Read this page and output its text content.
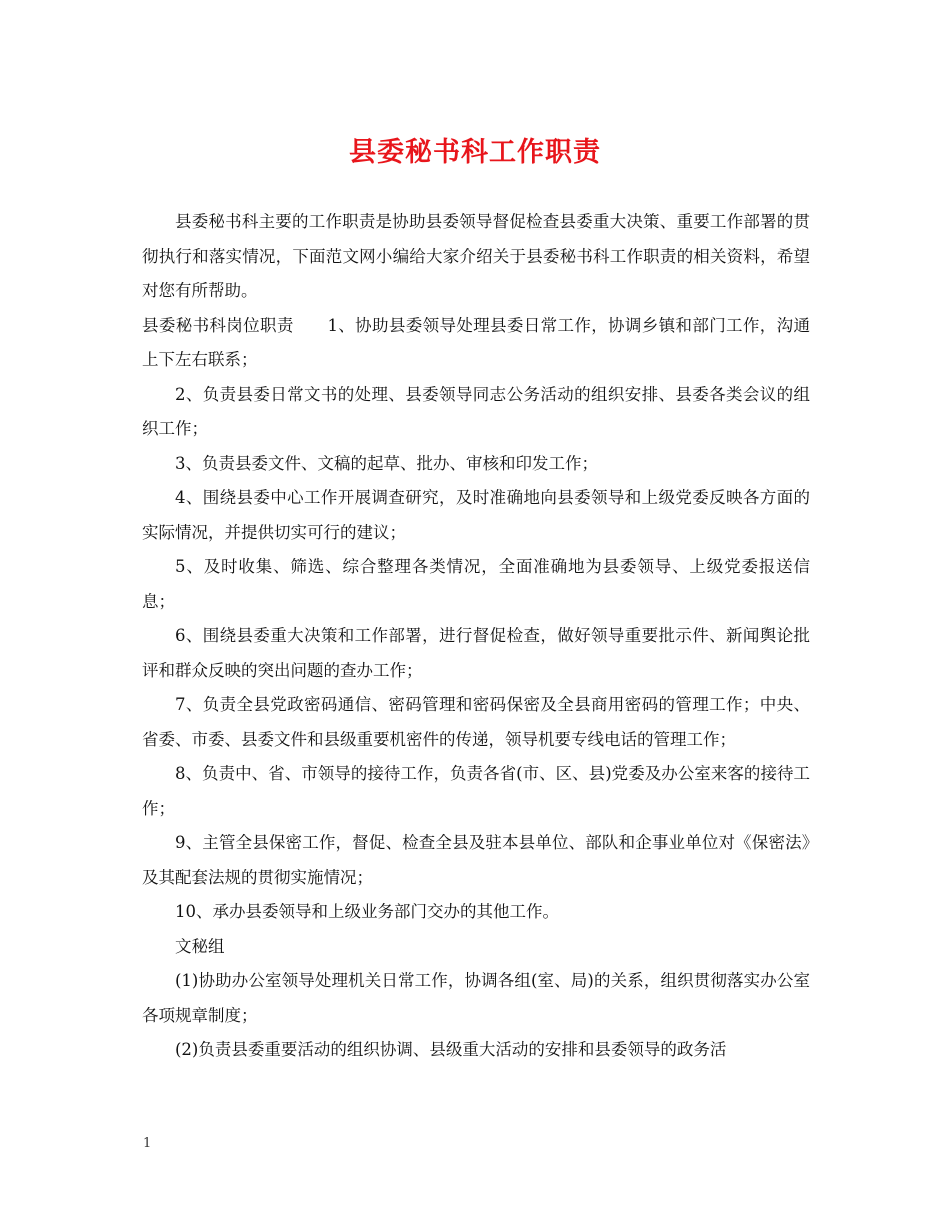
县委秘书科工作职责

县委秘书科主要的工作职责是协助县委领导督促检查县委重大决策、重要工作部署的贯彻执行和落实情况，下面范文网小编给大家介绍关于县委秘书科工作职责的相关资料，希望对您有所帮助。

县委秘书科岗位职责　　1、协助县委领导处理县委日常工作，协调乡镇和部门工作，沟通上下左右联系；

2、负责县委日常文书的处理、县委领导同志公务活动的组织安排、县委各类会议的组织工作；

3、负责县委文件、文稿的起草、批办、审核和印发工作；

4、围绕县委中心工作开展调查研究，及时准确地向县委领导和上级党委反映各方面的实际情况，并提供切实可行的建议；

5、及时收集、筛选、综合整理各类情况，全面准确地为县委领导、上级党委报送信息；

6、围绕县委重大决策和工作部署，进行督促检查，做好领导重要批示件、新闻舆论批评和群众反映的突出问题的查办工作；

7、负责全县党政密码通信、密码管理和密码保密及全县商用密码的管理工作；中央、省委、市委、县委文件和县级重要机密件的传递，领导机要专线电话的管理工作；

8、负责中、省、市领导的接待工作，负责各省(市、区、县)党委及办公室来客的接待工作；

9、主管全县保密工作，督促、检查全县及驻本县单位、部队和企事业单位对《保密法》及其配套法规的贯彻实施情况；

10、承办县委领导和上级业务部门交办的其他工作。

文秘组

(1)协助办公室领导处理机关日常工作，协调各组(室、局)的关系，组织贯彻落实办公室各项规章制度；

(2)负责县委重要活动的组织协调、县级重大活动的安排和县委领导的政务活

1
